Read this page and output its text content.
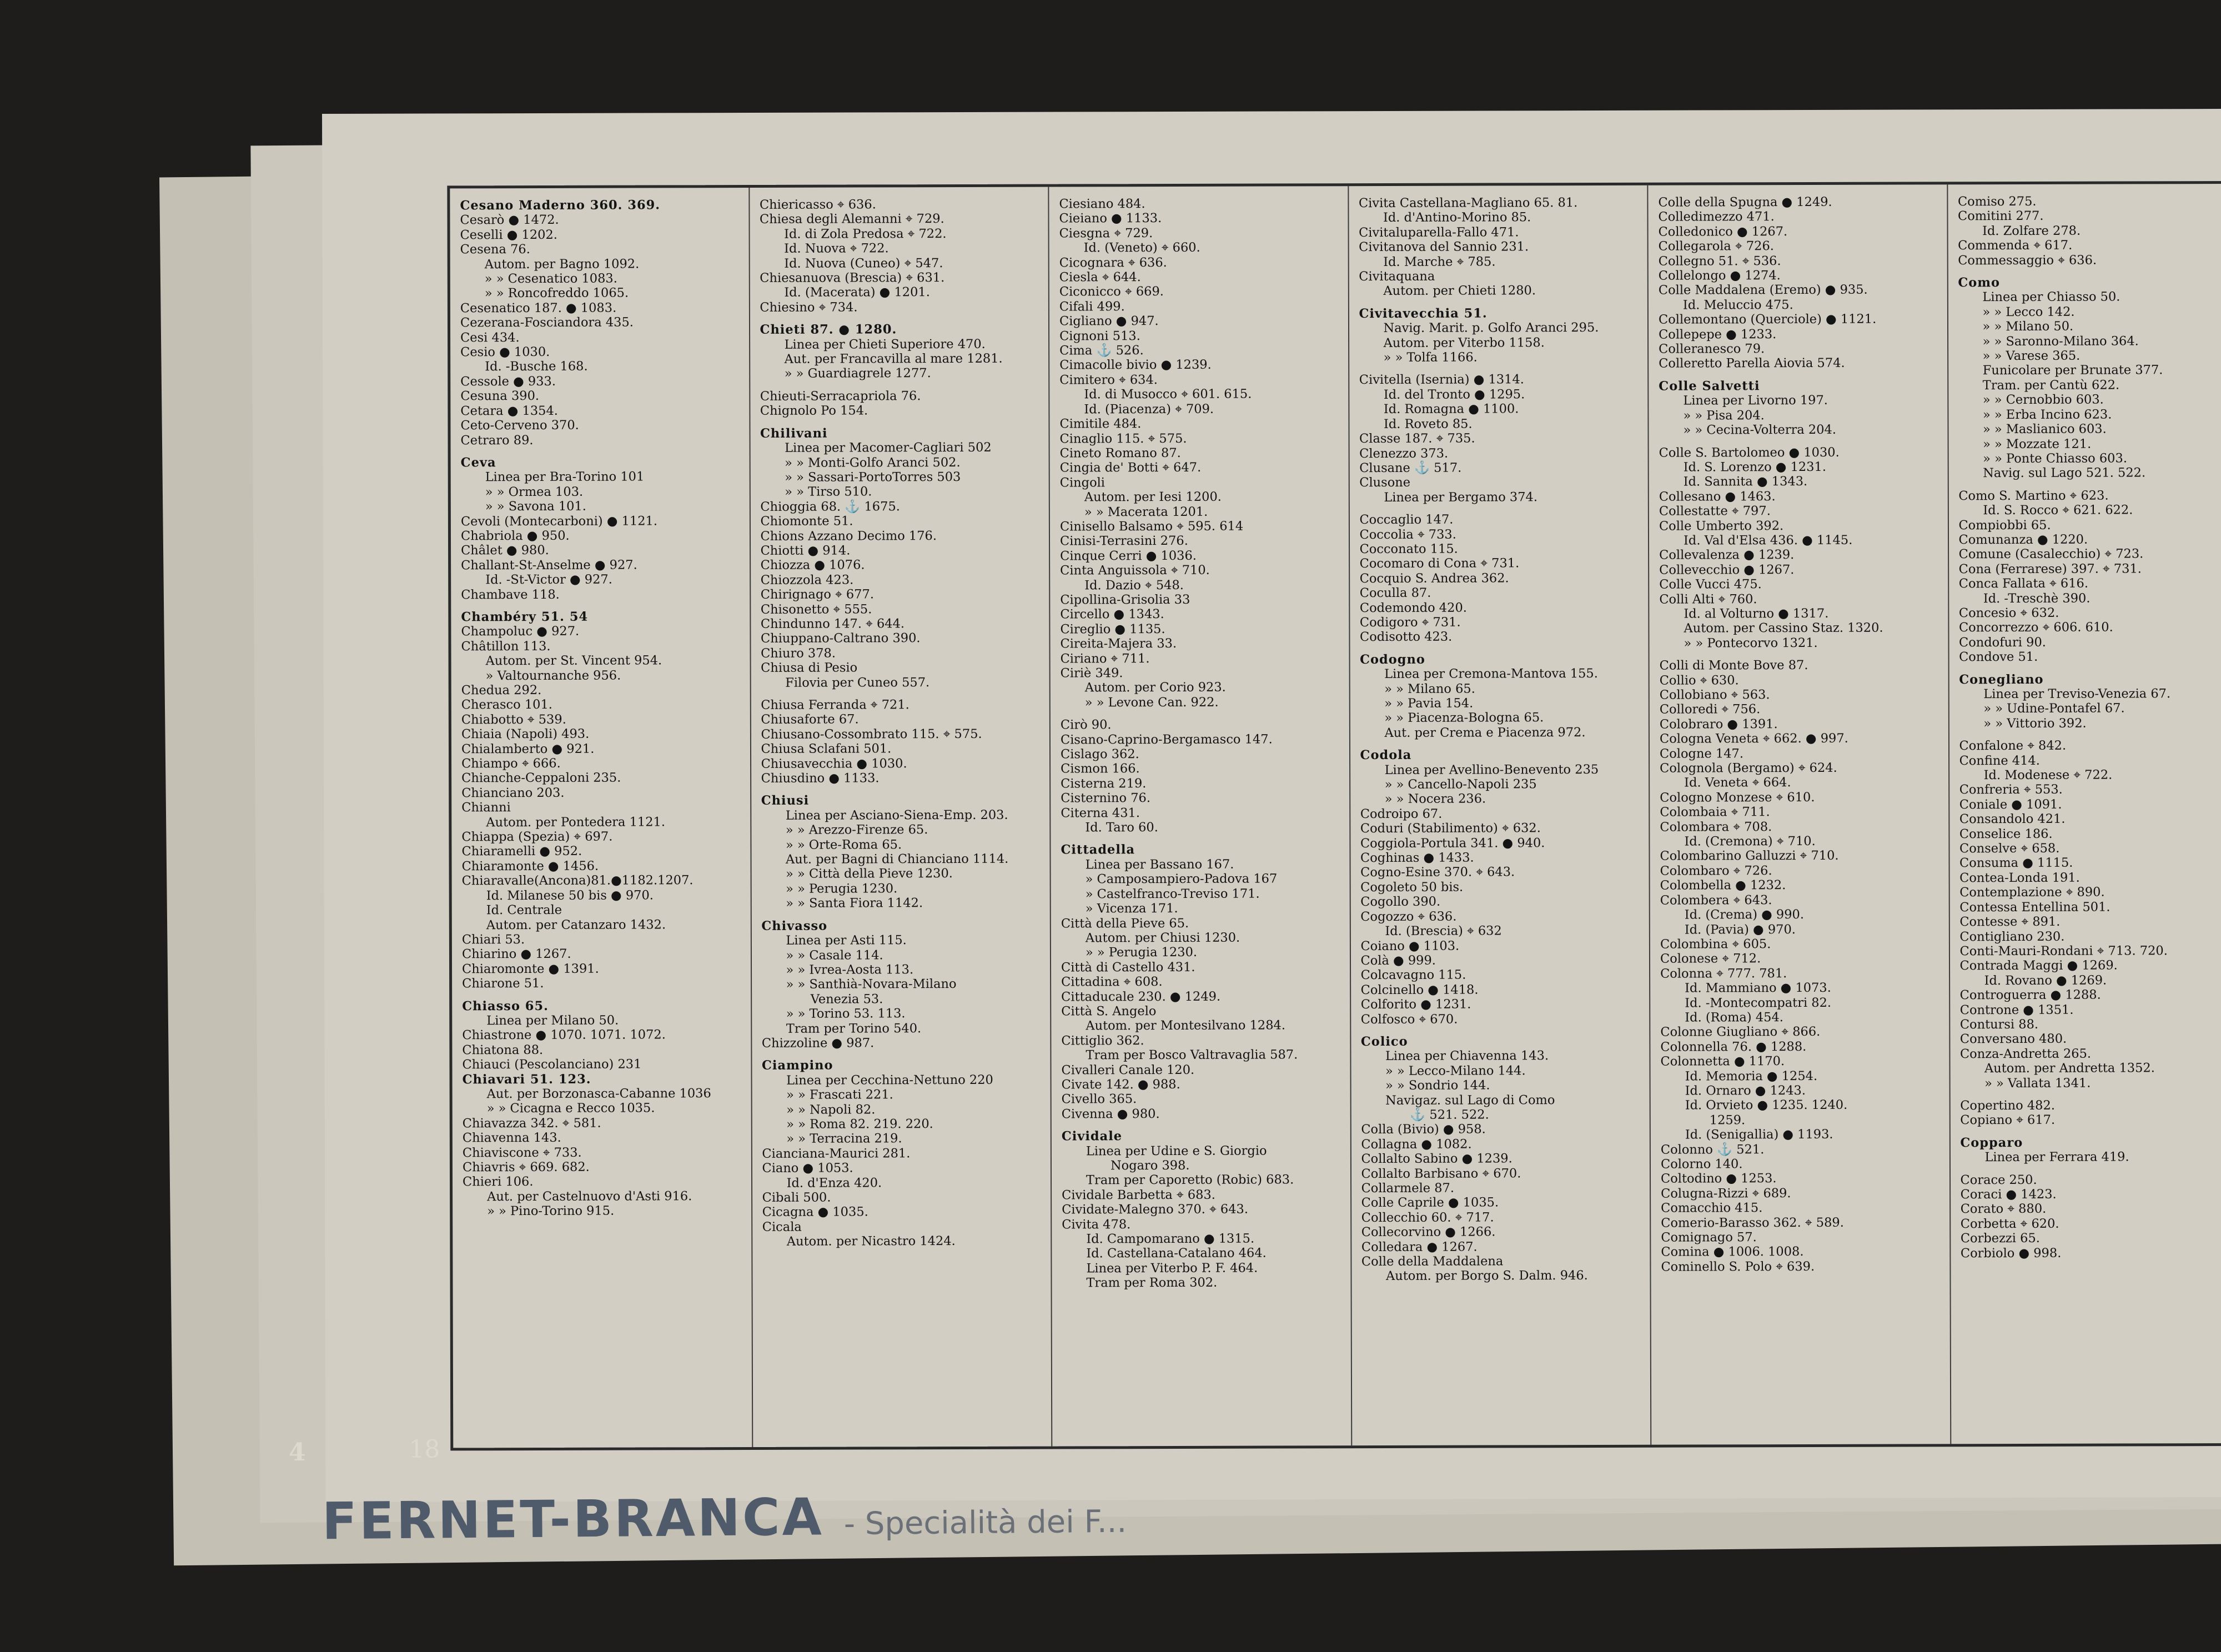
Cesano Maderno 360. 369.
Cesarò ● 1472.
Ceselli ● 1202.
Cesena 76.
Autom. per Bagno 1092.
» » Cesenatico 1083.
» » Roncofreddo 1065.
Cesenatico 187. ● 1083.
Cezerana-Fosciandora 435.
Cesi 434.
Cesio ● 1030.
Id. -Busche 168.
Cessole ● 933.
Cesuna 390.
Cetara ● 1354.
Ceto-Cerveno 370.
Cetraro 89.
Ceva
Linea per Bra-Torino 101
» » Ormea 103.
» » Savona 101.
Cevoli (Montecarboni) ● 1121.
Chabriola ● 950.
Châlet ● 980.
Challant-St-Anselme ● 927.
Id. -St-Victor ● 927.
Chambave 118.
Chambéry 51. 54
Champoluc ● 927.
Châtillon 113.
Autom. per St. Vincent 954.
» Valtournanche 956.
Chedua 292.
Cherasco 101.
Chiabotto ⌖ 539.
Chiaia (Napoli) 493.
Chialamberto ● 921.
Chiampo ⌖ 666.
Chianche-Ceppaloni 235.
Chianciano 203.
Chianni
Autom. per Pontedera 1121.
Chiappa (Spezia) ⌖ 697.
Chiaramelli ● 952.
Chiaramonte ● 1456.
Chiaravalle(Ancona)81.●1182.1207.
Id. Milanese 50 bis ● 970.
Id. Centrale
Autom. per Catanzaro 1432.
Chiari 53.
Chiarino ● 1267.
Chiaromonte ● 1391.
Chiarone 51.
Chiasso 65.
Linea per Milano 50.
Chiastrone ● 1070. 1071. 1072.
Chiatona 88.
Chiauci (Pescolanciano) 231
Chiavari 51. 123.
Aut. per Borzonasca-Cabanne 1036
» » Cicagna e Recco 1035.
Chiavazza 342. ⌖ 581.
Chiavenna 143.
Chiaviscone ⌖ 733.
Chiavris ⌖ 669. 682.
Chieri 106.
Aut. per Castelnuovo d'Asti 916.
» » Pino-Torino 915.
Chiericasso ⌖ 636.
Chiesa degli Alemanni ⌖ 729.
Id. di Zola Predosa ⌖ 722.
Id. Nuova ⌖ 722.
Id. Nuova (Cuneo) ⌖ 547.
Chiesanuova (Brescia) ⌖ 631.
Id. (Macerata) ● 1201.
Chiesino ⌖ 734.
Chieti 87. ● 1280.
Linea per Chieti Superiore 470.
Aut. per Francavilla al mare 1281.
» » Guardiagrele 1277.
Chieuti-Serracapriola 76.
Chignolo Po 154.
Chilivani
Linea per Macomer-Cagliari 502
» » Monti-Golfo Aranci 502.
» » Sassari-PortoTorres 503
» » Tirso 510.
Chioggia 68. ⚓ 1675.
Chiomonte 51.
Chions Azzano Decimo 176.
Chiotti ● 914.
Chiozza ● 1076.
Chiozzola 423.
Chirignago ⌖ 677.
Chisonetto ⌖ 555.
Chindunno 147. ⌖ 644.
Chiuppano-Caltrano 390.
Chiuro 378.
Chiusa di Pesio
Filovia per Cuneo 557.
Chiusa Ferranda ⌖ 721.
Chiusaforte 67.
Chiusano-Cossombrato 115. ⌖ 575.
Chiusa Sclafani 501.
Chiusavecchia ● 1030.
Chiusdino ● 1133.
Chiusi
Linea per Asciano-Siena-Emp. 203.
» » Arezzo-Firenze 65.
» » Orte-Roma 65.
Aut. per Bagni di Chianciano 1114.
» » Città della Pieve 1230.
» » Perugia 1230.
» » Santa Fiora 1142.
Chivasso
Linea per Asti 115.
» » Casale 114.
» » Ivrea-Aosta 113.
» » Santhià-Novara-Milano
Venezia 53.
» » Torino 53. 113.
Tram per Torino 540.
Chizzoline ● 987.
Ciampino
Linea per Cecchina-Nettuno 220
» » Frascati 221.
» » Napoli 82.
» » Roma 82. 219. 220.
» » Terracina 219.
Cianciana-Maurici 281.
Ciano ● 1053.
Id. d'Enza 420.
Cibali 500.
Cicagna ● 1035.
Cicala
Autom. per Nicastro 1424.
Ciesiano 484.
Cieiano ● 1133.
Ciesgna ⌖ 729.
Id. (Veneto) ⌖ 660.
Cicognara ⌖ 636.
Ciesla ⌖ 644.
Ciconicco ⌖ 669.
Cifali 499.
Cigliano ● 947.
Cignoni 513.
Cima ⚓ 526.
Cimacolle bivio ● 1239.
Cimitero ⌖ 634.
Id. di Musocco ⌖ 601. 615.
Id. (Piacenza) ⌖ 709.
Cimitile 484.
Cinaglio 115. ⌖ 575.
Cineto Romano 87.
Cingia de' Botti ⌖ 647.
Cingoli
Autom. per Iesi 1200.
» » Macerata 1201.
Cinisello Balsamo ⌖ 595. 614
Cinisi-Terrasini 276.
Cinque Cerri ● 1036.
Cinta Anguissola ⌖ 710.
Id. Dazio ⌖ 548.
Cipollina-Grisolia 33
Circello ● 1343.
Cireglio ● 1135.
Cireita-Majera 33.
Ciriano ⌖ 711.
Ciriè 349.
Autom. per Corio 923.
» » Levone Can. 922.
Cirò 90.
Cisano-Caprino-Bergamasco 147.
Cislago 362.
Cismon 166.
Cisterna 219.
Cisternino 76.
Citerna 431.
Id. Taro 60.
Cittadella
Linea per Bassano 167.
» Camposampiero-Padova 167
» Castelfranco-Treviso 171.
» Vicenza 171.
Città della Pieve 65.
Autom. per Chiusi 1230.
» » Perugia 1230.
Città di Castello 431.
Cittadina ⌖ 608.
Cittaducale 230. ● 1249.
Città S. Angelo
Autom. per Montesilvano 1284.
Cittiglio 362.
Tram per Bosco Valtravaglia 587.
Civalleri Canale 120.
Civate 142. ● 988.
Civello 365.
Civenna ● 980.
Cividale
Linea per Udine e S. Giorgio
Nogaro 398.
Tram per Caporetto (Robic) 683.
Cividale Barbetta ⌖ 683.
Cividate-Malegno 370. ⌖ 643.
Civita 478.
Id. Campomarano ● 1315.
Id. Castellana-Catalano 464.
Linea per Viterbo P. F. 464.
Tram per Roma 302.
Civita Castellana-Magliano 65. 81.
Id. d'Antino-Morino 85.
Civitaluparella-Fallo 471.
Civitanova del Sannio 231.
Id. Marche ⌖ 785.
Civitaquana
Autom. per Chieti 1280.
Civitavecchia 51.
Navig. Marit. p. Golfo Aranci 295.
Autom. per Viterbo 1158.
» » Tolfa 1166.
Civitella (Isernia) ● 1314.
Id. del Tronto ● 1295.
Id. Romagna ● 1100.
Id. Roveto 85.
Classe 187. ⌖ 735.
Clenezzo 373.
Clusane ⚓ 517.
Clusone
Linea per Bergamo 374.
Coccaglio 147.
Coccolia ⌖ 733.
Cocconato 115.
Cocomaro di Cona ⌖ 731.
Cocquio S. Andrea 362.
Coculla 87.
Codemondo 420.
Codigoro ⌖ 731.
Codisotto 423.
Codogno
Linea per Cremona-Mantova 155.
» » Milano 65.
» » Pavia 154.
» » Piacenza-Bologna 65.
Aut. per Crema e Piacenza 972.
Codola
Linea per Avellino-Benevento 235
» » Cancello-Napoli 235
» » Nocera 236.
Codroipo 67.
Coduri (Stabilimento) ⌖ 632.
Coggiola-Portula 341. ● 940.
Coghinas ● 1433.
Cogno-Esine 370. ⌖ 643.
Cogoleto 50 bis.
Cogollo 390.
Cogozzo ⌖ 636.
Id. (Brescia) ⌖ 632
Coiano ● 1103.
Colà ● 999.
Colcavagno 115.
Colcinello ● 1418.
Colforito ● 1231.
Colfosco ⌖ 670.
Colico
Linea per Chiavenna 143.
» » Lecco-Milano 144.
» » Sondrio 144.
Navigaz. sul Lago di Como
⚓ 521. 522.
Colla (Bivio) ● 958.
Collagna ● 1082.
Collalto Sabino ● 1239.
Collalto Barbisano ⌖ 670.
Collarmele 87.
Colle Caprile ● 1035.
Collecchio 60. ⌖ 717.
Collecorvino ● 1266.
Colledara ● 1267.
Colle della Maddalena
Autom. per Borgo S. Dalm. 946.
Colle della Spugna ● 1249.
Colledimezzo 471.
Colledonico ● 1267.
Collegarola ⌖ 726.
Collegno 51. ⌖ 536.
Collelongo ● 1274.
Colle Maddalena (Eremo) ● 935.
Id. Meluccio 475.
Collemontano (Querciole) ● 1121.
Collepepe ● 1233.
Colleranesco 79.
Colleretto Parella Aiovia 574.
Colle Salvetti
Linea per Livorno 197.
» » Pisa 204.
» » Cecina-Volterra 204.
Colle S. Bartolomeo ● 1030.
Id. S. Lorenzo ● 1231.
Id. Sannita ● 1343.
Collesano ● 1463.
Collestatte ⌖ 797.
Colle Umberto 392.
Id. Val d'Elsa 436. ● 1145.
Collevalenza ● 1239.
Collevecchio ● 1267.
Colle Vucci 475.
Colli Alti ⌖ 760.
Id. al Volturno ● 1317.
Autom. per Cassino Staz. 1320.
» » Pontecorvo 1321.
Colli di Monte Bove 87.
Collio ⌖ 630.
Collobiano ⌖ 563.
Colloredi ⌖ 756.
Colobraro ● 1391.
Cologna Veneta ⌖ 662. ● 997.
Cologne 147.
Colognola (Bergamo) ⌖ 624.
Id. Veneta ⌖ 664.
Cologno Monzese ⌖ 610.
Colombaia ⌖ 711.
Colombara ⌖ 708.
Id. (Cremona) ⌖ 710.
Colombarino Galluzzi ⌖ 710.
Colombaro ⌖ 726.
Colombella ● 1232.
Colombera ⌖ 643.
Id. (Crema) ● 990.
Id. (Pavia) ● 970.
Colombina ⌖ 605.
Colonese ⌖ 712.
Colonna ⌖ 777. 781.
Id. Mammiano ● 1073.
Id. -Montecompatri 82.
Id. (Roma) 454.
Colonne Giugliano ⌖ 866.
Colonnella 76. ● 1288.
Colonnetta ● 1170.
Id. Memoria ● 1254.
Id. Ornaro ● 1243.
Id. Orvieto ● 1235. 1240.
1259.
Id. (Senigallia) ● 1193.
Colonno ⚓ 521.
Colorno 140.
Coltodino ● 1253.
Colugna-Rizzi ⌖ 689.
Comacchio 415.
Comerio-Barasso 362. ⌖ 589.
Comignago 57.
Comina ● 1006. 1008.
Cominello S. Polo ⌖ 639.
Comiso 275.
Comitini 277.
Id. Zolfare 278.
Commenda ⌖ 617.
Commessaggio ⌖ 636.
Como
Linea per Chiasso 50.
» » Lecco 142.
» » Milano 50.
» » Saronno-Milano 364.
» » Varese 365.
Funicolare per Brunate 377.
Tram. per Cantù 622.
» » Cernobbio 603.
» » Erba Incino 623.
» » Maslianico 603.
» » Mozzate 121.
» » Ponte Chiasso 603.
Navig. sul Lago 521. 522.
Como S. Martino ⌖ 623.
Id. S. Rocco ⌖ 621. 622.
Compiobbi 65.
Comunanza ● 1220.
Comune (Casalecchio) ⌖ 723.
Cona (Ferrarese) 397. ⌖ 731.
Conca Fallata ⌖ 616.
Id. -Treschè 390.
Concesio ⌖ 632.
Concorrezzo ⌖ 606. 610.
Condofuri 90.
Condove 51.
Conegliano
Linea per Treviso-Venezia 67.
» » Udine-Pontafel 67.
» » Vittorio 392.
Confalone ⌖ 842.
Confine 414.
Id. Modenese ⌖ 722.
Confreria ⌖ 553.
Coniale ● 1091.
Consandolo 421.
Conselice 186.
Conselve ⌖ 658.
Consuma ● 1115.
Contea-Londa 191.
Contemplazione ⌖ 890.
Contessa Entellina 501.
Contesse ⌖ 891.
Contigliano 230.
Conti-Mauri-Rondani ⌖ 713. 720.
Contrada Maggi ● 1269.
Id. Rovano ● 1269.
Controguerra ● 1288.
Controne ● 1351.
Contursi 88.
Conversano 480.
Conza-Andretta 265.
Autom. per Andretta 1352.
» » Vallata 1341.
Copertino 482.
Copiano ⌖ 617.
Copparo
Linea per Ferrara 419.
Corace 250.
Coraci ● 1423.
Corato ⌖ 880.
Corbetta ⌖ 620.
Corbezzi 65.
Corbiolo ● 998.
18
4
FERNET-BRANCA - Specialità dei F...
